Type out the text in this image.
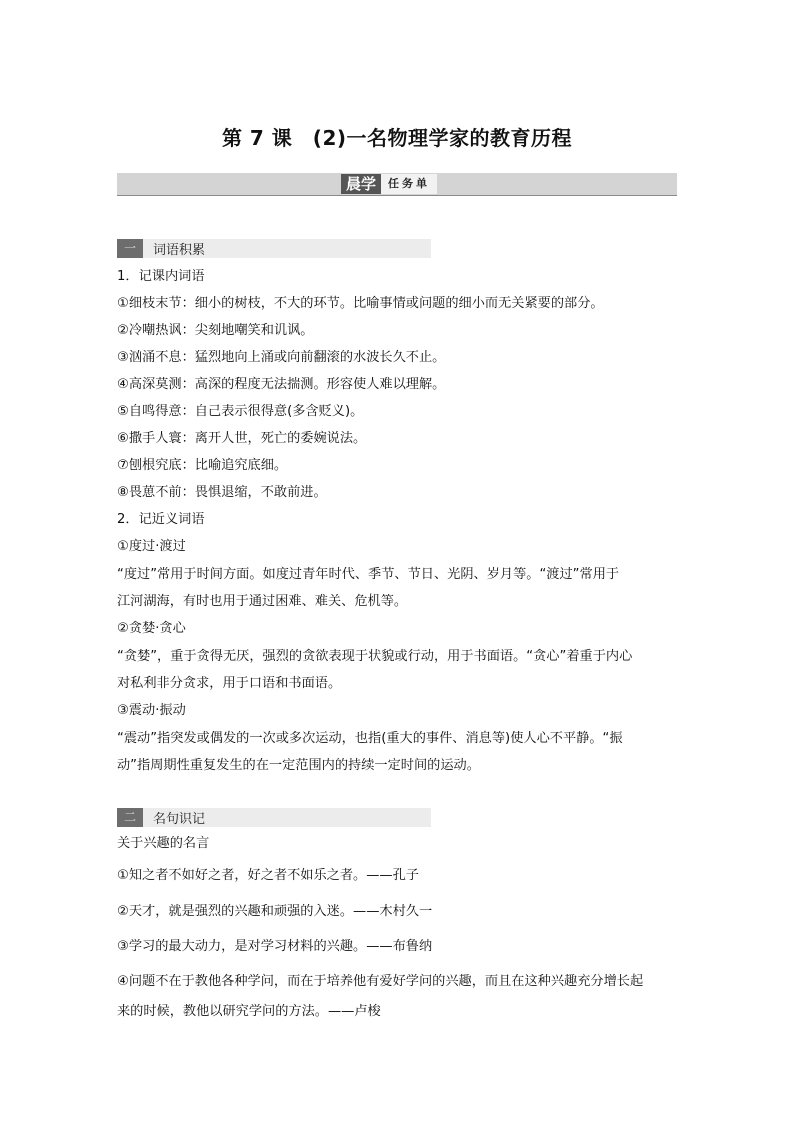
第 7 课　(2)一名物理学家的教育历程
晨学	任务单
一	词语积累
1．记课内词语
①细枝末节：细小的树枝，不大的环节。比喻事情或问题的细小而无关紧要的部分。
②冷嘲热讽：尖刻地嘲笑和讥讽。
③汹涌不息：猛烈地向上涌或向前翻滚的水波长久不止。
④高深莫测：高深的程度无法揣测。形容使人难以理解。
⑤自鸣得意：自己表示很得意(多含贬义)。
⑥撒手人寰：离开人世，死亡的委婉说法。
⑦刨根究底：比喻追究底细。
⑧畏葸不前：畏惧退缩，不敢前进。
2．记近义词语
①度过·渡过
“度过”常用于时间方面。如度过青年时代、季节、节日、光阴、岁月等。“渡过”常用于
江河湖海，有时也用于通过困难、难关、危机等。
②贪婪·贪心
“贪婪”，重于贪得无厌，强烈的贪欲表现于状貌或行动，用于书面语。“贪心”着重于内心
对私利非分贪求，用于口语和书面语。
③震动·振动
“震动”指突发或偶发的一次或多次运动，也指(重大的事件、消息等)使人心不平静。“振
动”指周期性重复发生的在一定范围内的持续一定时间的运动。
二	名句识记
关于兴趣的名言
①知之者不如好之者，好之者不如乐之者。——孔子
②天才，就是强烈的兴趣和顽强的入迷。——木村久一
③学习的最大动力，是对学习材料的兴趣。——布鲁纳
④问题不在于教他各种学问，而在于培养他有爱好学问的兴趣，而且在这种兴趣充分增长起
来的时候，教他以研究学问的方法。——卢梭
